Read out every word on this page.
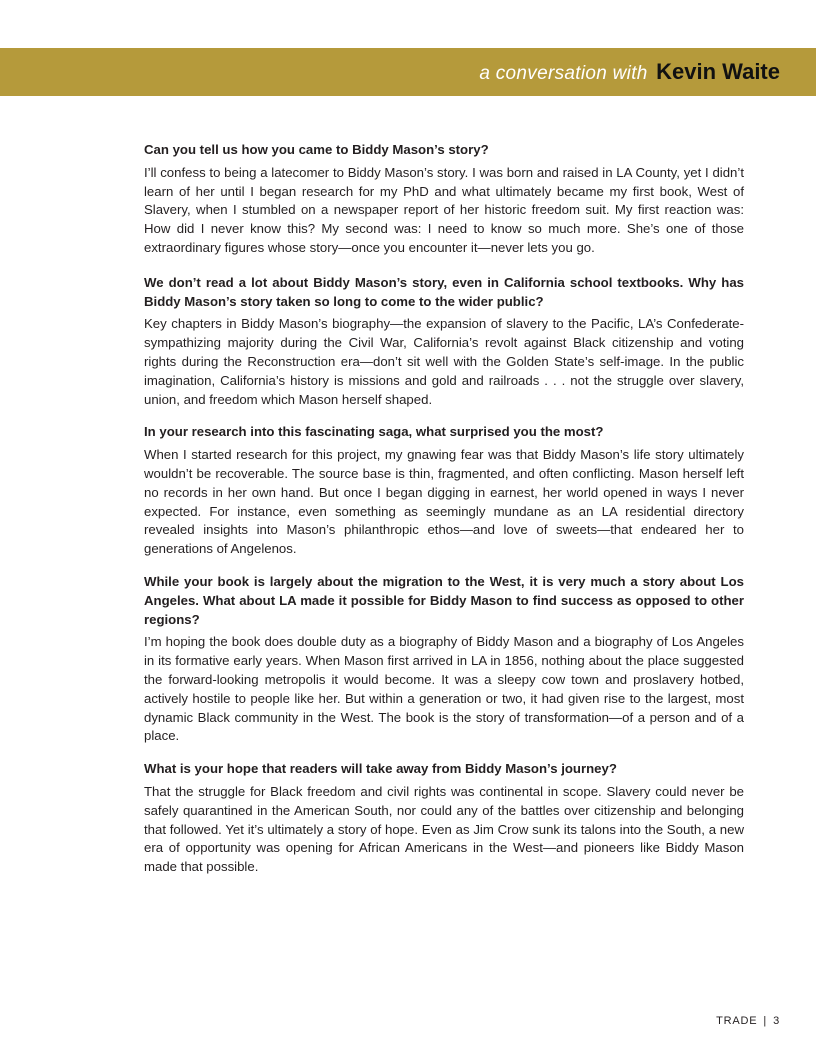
a conversation with Kevin Waite

Can you tell us how you came to Biddy Mason’s story?

I’ll confess to being a latecomer to Biddy Mason’s story. I was born and raised in LA County, yet I didn’t learn of her until I began research for my PhD and what ultimately became my first book, West of Slavery, when I stumbled on a newspaper report of her historic freedom suit. My first reaction was: How did I never know this? My second was: I need to know so much more. She’s one of those extraordinary figures whose story—once you encounter it—never lets you go.

We don’t read a lot about Biddy Mason’s story, even in California school textbooks. Why has Biddy Mason’s story taken so long to come to the wider public?

Key chapters in Biddy Mason’s biography—the expansion of slavery to the Pacific, LA’s Confederate-sympathizing majority during the Civil War, California’s revolt against Black citizenship and voting rights during the Reconstruction era—don’t sit well with the Golden State’s self-image. In the public imagination, California’s history is missions and gold and railroads . . . not the struggle over slavery, union, and freedom which Mason herself shaped.

In your research into this fascinating saga, what surprised you the most?

When I started research for this project, my gnawing fear was that Biddy Mason’s life story ultimately wouldn’t be recoverable. The source base is thin, fragmented, and often conflicting. Mason herself left no records in her own hand. But once I began digging in earnest, her world opened in ways I never expected. For instance, even something as seemingly mundane as an LA residential directory revealed insights into Mason’s philanthropic ethos—and love of sweets—that endeared her to generations of Angelenos.

While your book is largely about the migration to the West, it is very much a story about Los Angeles. What about LA made it possible for Biddy Mason to find success as opposed to other regions?

I’m hoping the book does double duty as a biography of Biddy Mason and a biography of Los Angeles in its formative early years. When Mason first arrived in LA in 1856, nothing about the place suggested the forward-looking metropolis it would become. It was a sleepy cow town and proslavery hotbed, actively hostile to people like her. But within a generation or two, it had given rise to the largest, most dynamic Black community in the West. The book is the story of transformation—of a person and of a place.

What is your hope that readers will take away from Biddy Mason’s journey?

That the struggle for Black freedom and civil rights was continental in scope. Slavery could never be safely quarantined in the American South, nor could any of the battles over citizenship and belonging that followed. Yet it’s ultimately a story of hope. Even as Jim Crow sunk its talons into the South, a new era of opportunity was opening for African Americans in the West—and pioneers like Biddy Mason made that possible.

TRADE | 3
